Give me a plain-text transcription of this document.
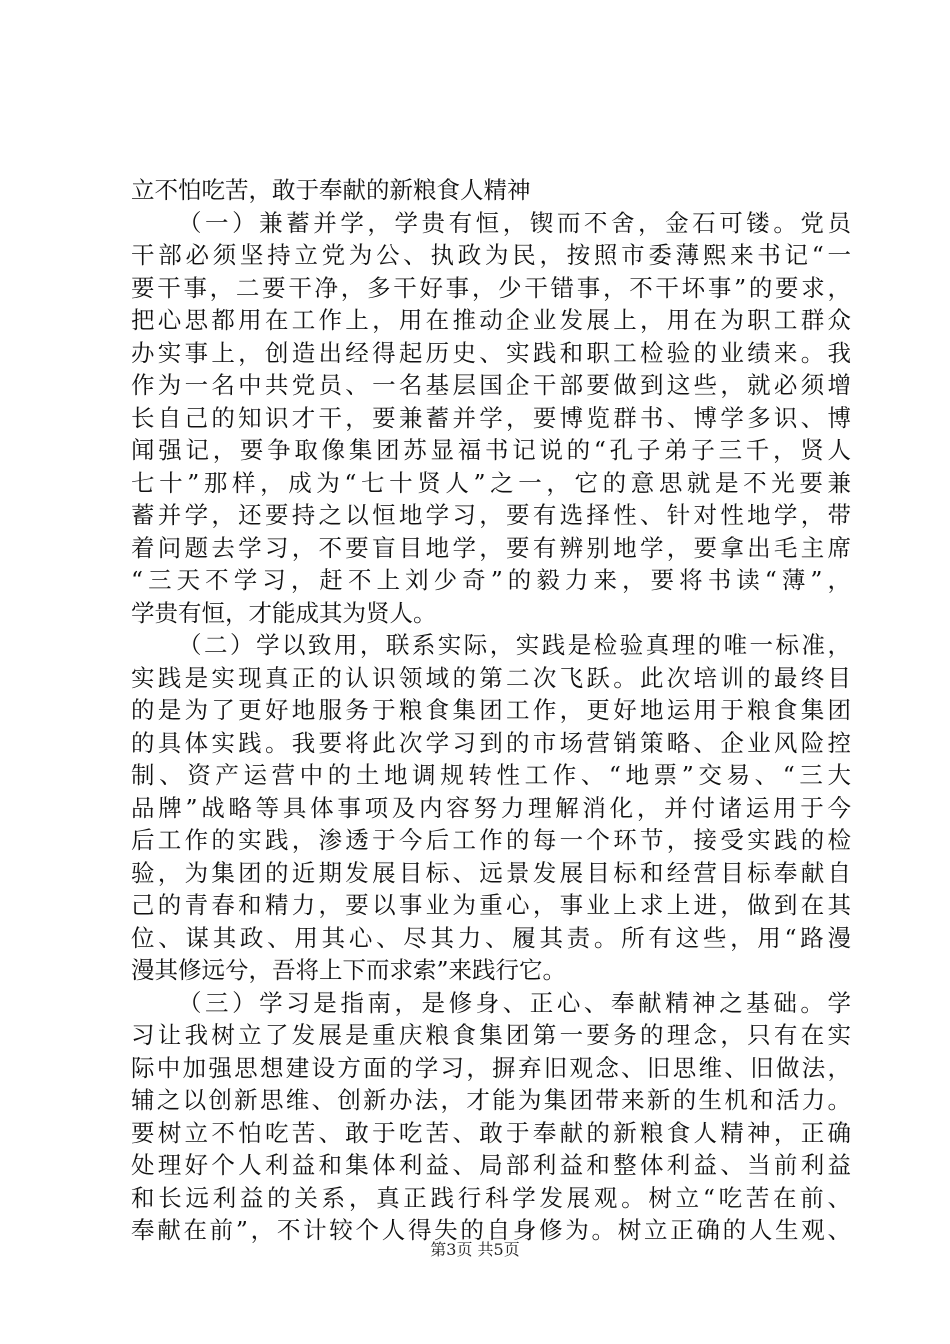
立不怕吃苦，敢于奉献的新粮食人精神
（一）兼蓄并学，学贵有恒，锲而不舍，金石可镂。党员
干部必须坚持立党为公、执政为民，按照市委薄熙来书记“一
要干事，二要干净，多干好事，少干错事，不干坏事”的要求，
把心思都用在工作上，用在推动企业发展上，用在为职工群众
办实事上，创造出经得起历史、实践和职工检验的业绩来。我
作为一名中共党员、一名基层国企干部要做到这些，就必须增
长自己的知识才干，要兼蓄并学，要博览群书、博学多识、博
闻强记，要争取像集团苏显福书记说的“孔子弟子三千，贤人
七十”那样，成为“七十贤人”之一，它的意思就是不光要兼
蓄并学，还要持之以恒地学习，要有选择性、针对性地学，带
着问题去学习，不要盲目地学，要有辨别地学，要拿出毛主席
“三天不学习，赶不上刘少奇”的毅力来，要将书读“薄”，
学贵有恒，才能成其为贤人。
（二）学以致用，联系实际，实践是检验真理的唯一标准，
实践是实现真正的认识领域的第二次飞跃。此次培训的最终目
的是为了更好地服务于粮食集团工作，更好地运用于粮食集团
的具体实践。我要将此次学习到的市场营销策略、企业风险控
制、资产运营中的土地调规转性工作、“地票”交易、“三大
品牌”战略等具体事项及内容努力理解消化，并付诸运用于今
后工作的实践，渗透于今后工作的每一个环节，接受实践的检
验，为集团的近期发展目标、远景发展目标和经营目标奉献自
己的青春和精力，要以事业为重心，事业上求上进，做到在其
位、谋其政、用其心、尽其力、履其责。所有这些，用“路漫
漫其修远兮，吾将上下而求索”来践行它。
（三）学习是指南，是修身、正心、奉献精神之基础。学
习让我树立了发展是重庆粮食集团第一要务的理念，只有在实
际中加强思想建设方面的学习，摒弃旧观念、旧思维、旧做法，
辅之以创新思维、创新办法，才能为集团带来新的生机和活力。
要树立不怕吃苦、敢于吃苦、敢于奉献的新粮食人精神，正确
处理好个人利益和集体利益、局部利益和整体利益、当前利益
和长远利益的关系，真正践行科学发展观。树立“吃苦在前、
奉献在前”，不计较个人得失的自身修为。树立正确的人生观、
第3页 共5页
